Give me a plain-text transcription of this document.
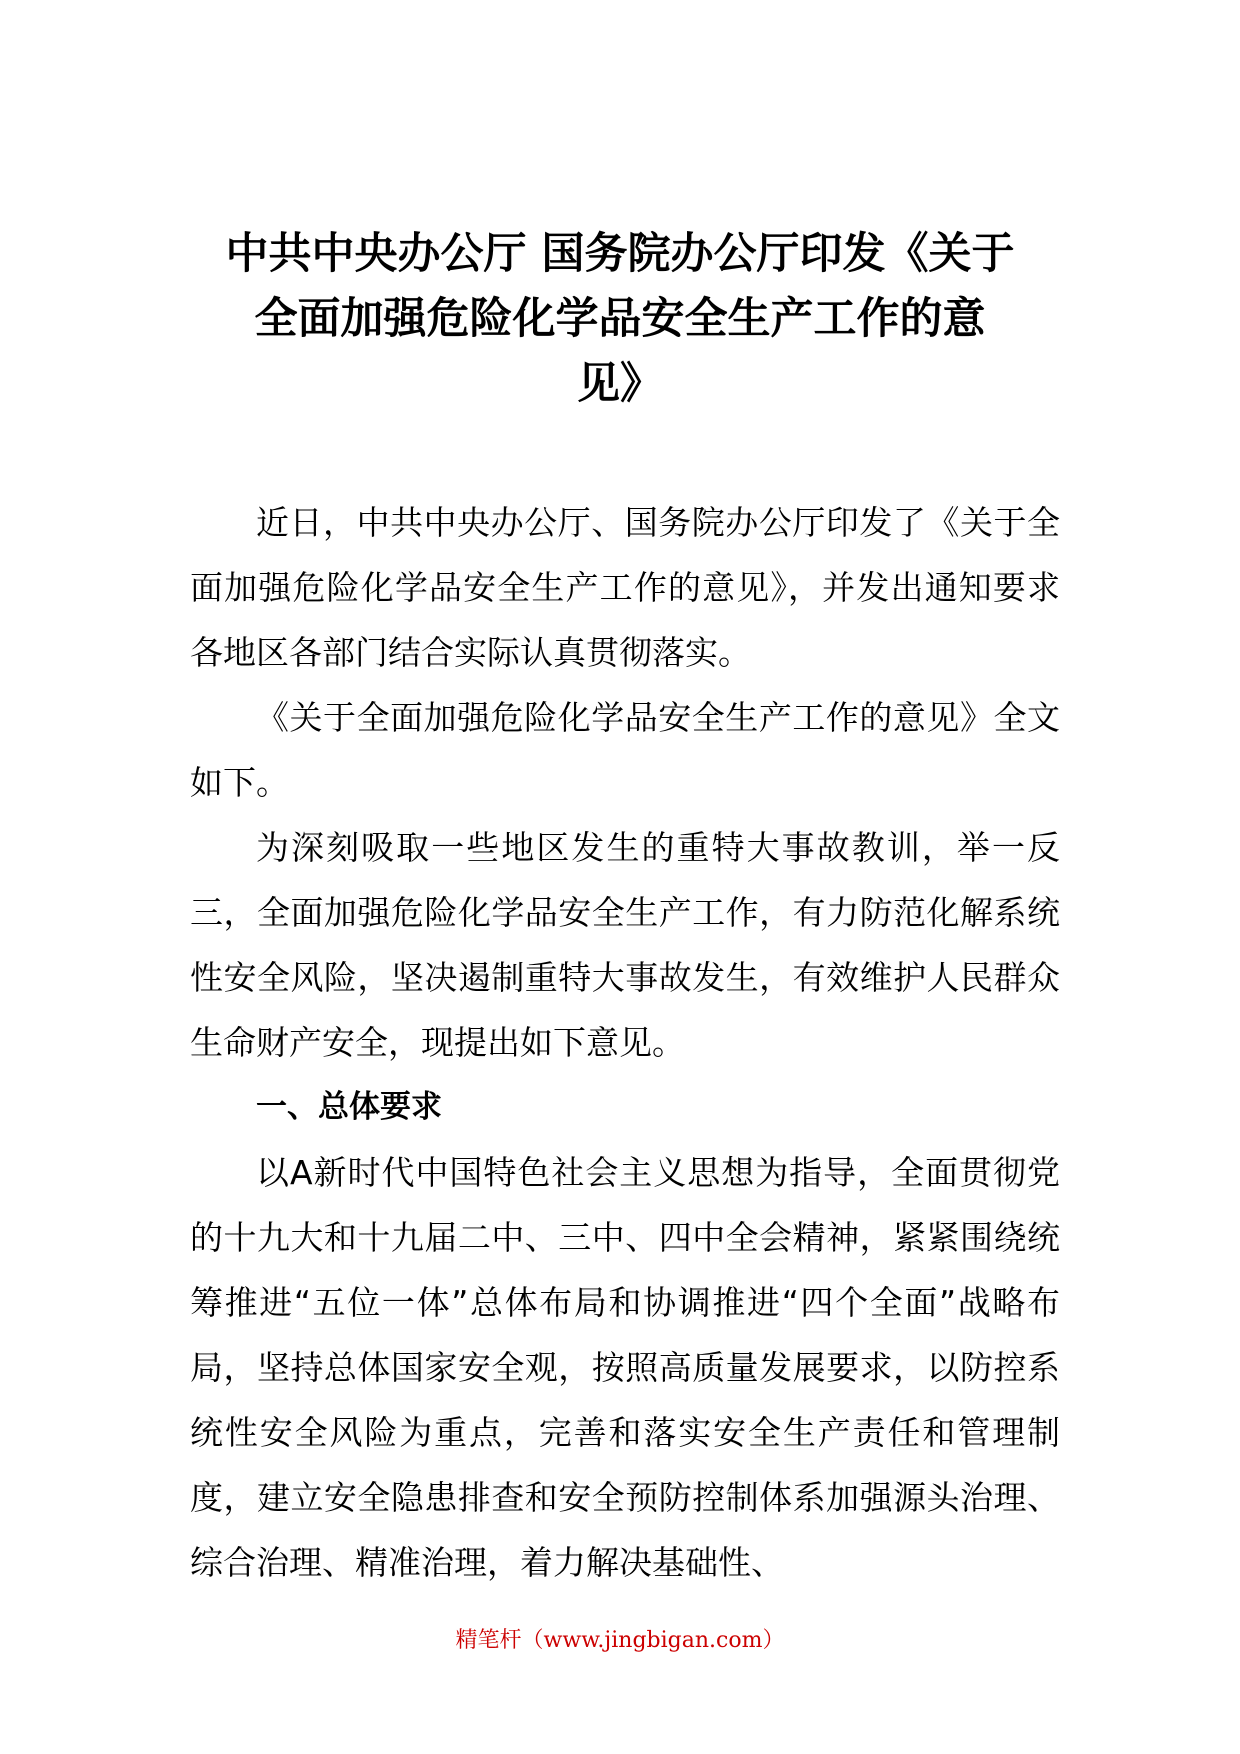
中共中央办公厅 国务院办公厅印发《关于
全面加强危险化学品安全生产工作的意
见》

近日，中共中央办公厅、国务院办公厅印发了《关于全面加强危险化学品安全生产工作的意见》，并发出通知要求各地区各部门结合实际认真贯彻落实。

《关于全面加强危险化学品安全生产工作的意见》全文如下。

为深刻吸取一些地区发生的重特大事故教训，举一反三，全面加强危险化学品安全生产工作，有力防范化解系统性安全风险，坚决遏制重特大事故发生，有效维护人民群众生命财产安全，现提出如下意见。

一、总体要求

以A新时代中国特色社会主义思想为指导，全面贯彻党的十九大和十九届二中、三中、四中全会精神，紧紧围绕统筹推进“五位一体”总体布局和协调推进“四个全面”战略布局，坚持总体国家安全观，按照高质量发展要求，以防控系统性安全风险为重点，完善和落实安全生产责任和管理制度，建立安全隐患排查和安全预防控制体系加强源头治理、综合治理、精准治理，着力解决基础性、

精笔杆（www.jingbigan.com）
